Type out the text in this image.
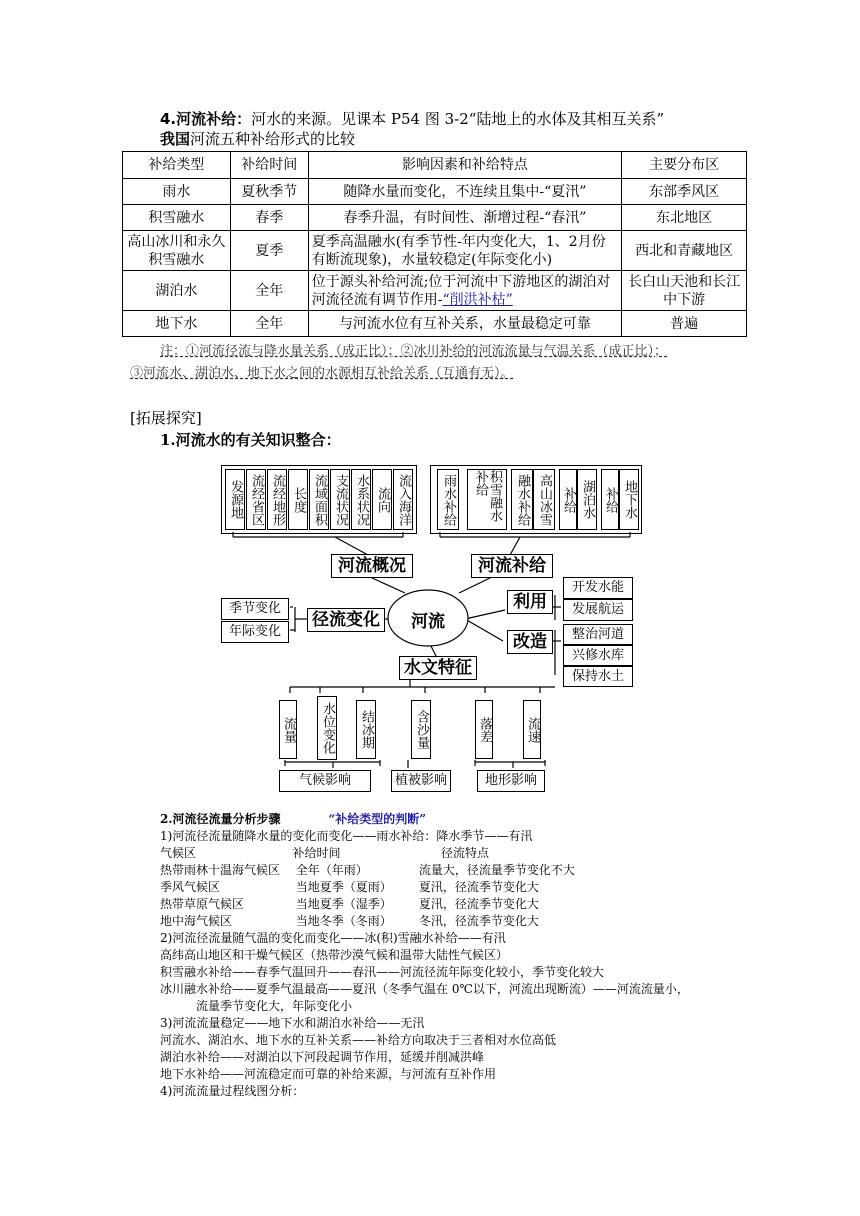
4.河流补给：河水的来源。见课本 P54 图 3-2“陆地上的水体及其相互关系”
我国河流五种补给形式的比较
补给类型	补给时间	影响因素和补给特点	主要分布区
雨水	夏秋季节	随降水量而变化，不连续且集中-“夏汛”	东部季风区
积雪融水	春季	春季升温，有时间性、渐增过程-“春汛”	东北地区
高山冰川和永久积雪融水	夏季	夏季高温融水(有季节性-年内变化大，1、2月份有断流现象)，水量较稳定(年际变化小)	西北和青藏地区
湖泊水	全年	位于源头补给河流;位于河流中下游地区的湖泊对河流径流有调节作用-“削洪补枯”	长白山天池和长江中下游
地下水	全年	与河流水位有互补关系，水量最稳定可靠	普遍
注：①河流径流与降水量关系（成正比）；②冰川补给的河流流量与气温关系（成正比）；
③河流水、湖泊水、地下水之间的水源相互补给关系（互通有无）。
[拓展探究]
1.河流水的有关知识整合：
发源地 流经省区 流经地形 长度 流域面积 支流状况 水系状况 流向 流入海洋	雨水补给	积雪融水补给	融水补给 高山冰雪 补给 湖泊水 补给 地下水
河流概况	河流补给
径流变化	河流
利用
改造
水文特征
季节变化
年际变化
开发水能
发展航运
整治河道
兴修水库
保持水土
流量 水位变化 结冰期	含沙量	落差	流速
气候影响	植被影响	地形影响
2.河流径流量分析步骤	“补给类型的判断”
1)河流径流量随降水量的变化而变化——雨水补给：降水季节——有汛
气候区	补给时间	径流特点
热带雨林十温海气候区	全年（年雨）	流量大，径流量季节变化不大
季风气候区	当地夏季（夏雨）	夏汛，径流季节变化大
热带草原气候区	当地夏季（湿季）	夏汛，径流季节变化大
地中海气候区	当地冬季（冬雨）	冬汛，径流季节变化大
2)河流径流量随气温的变化而变化——冰(积)雪融水补给——有汛
高纬高山地区和干燥气候区（热带沙漠气候和温带大陆性气候区）
积雪融水补给——春季气温回升——春汛——河流径流年际变化较小，季节变化较大
冰川融水补给——夏季气温最高——夏汛（冬季气温在 0℃以下，河流出现断流）——河流流量小，
流量季节变化大，年际变化小
3)河流流量稳定——地下水和湖泊水补给——无汛
河流水、湖泊水、地下水的互补关系——补给方向取决于三者相对水位高低
湖泊水补给——对湖泊以下河段起调节作用，延缓并削减洪峰
地下水补给——河流稳定而可靠的补给来源，与河流有互补作用
4)河流流量过程线图分析：
